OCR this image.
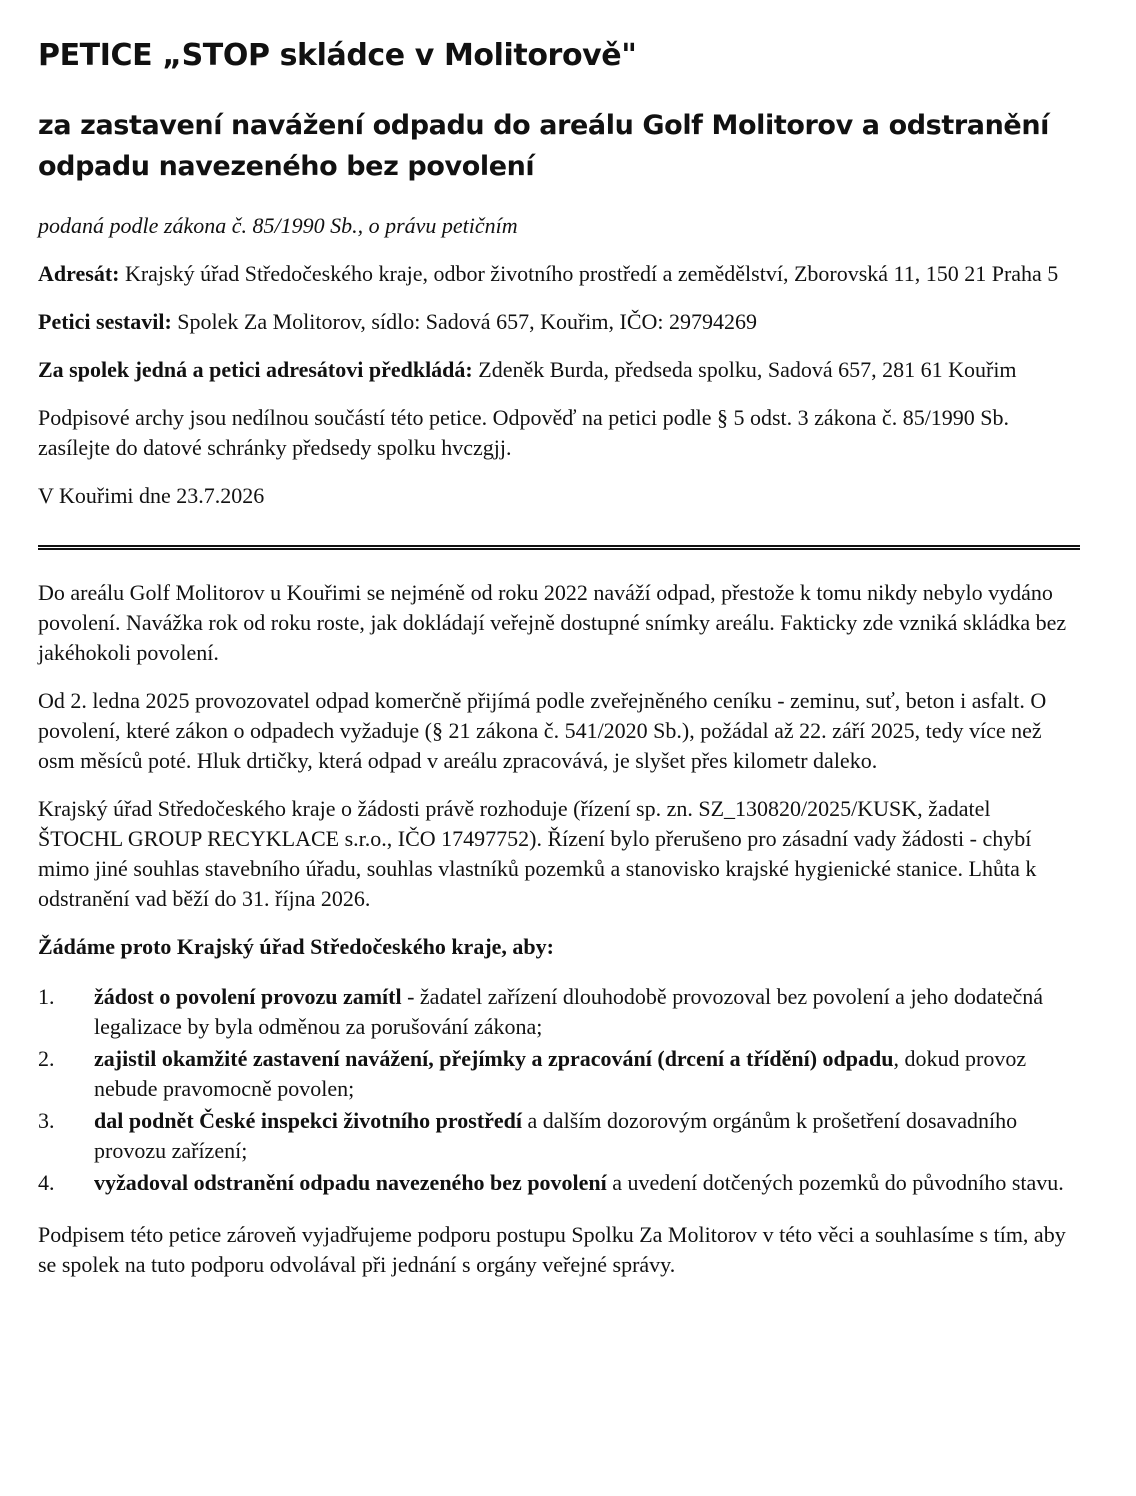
PETICE „STOP skládce v Molitorově"
za zastavení navážení odpadu do areálu Golf Molitorov a odstranění odpadu navezeného bez povolení

podaná podle zákona č. 85/1990 Sb., o právu petičním

Adresát: Krajský úřad Středočeského kraje, odbor životního prostředí a zemědělství, Zborovská 11, 150 21 Praha 5

Petici sestavil: Spolek Za Molitorov, sídlo: Sadová 657, Kouřim, IČO: 29794269

Za spolek jedná a petici adresátovi předkládá: Zdeněk Burda, předseda spolku, Sadová 657, 281 61 Kouřim

Podpisové archy jsou nedílnou součástí této petice. Odpověď na petici podle § 5 odst. 3 zákona č. 85/1990 Sb. zasílejte do datové schránky předsedy spolku hvczgjj.

V Kouřimi dne 23.7.2026

Do areálu Golf Molitorov u Kouřimi se nejméně od roku 2022 naváží odpad, přestože k tomu nikdy nebylo vydáno povolení. Navážka rok od roku roste, jak dokládají veřejně dostupné snímky areálu. Fakticky zde vzniká skládka bez jakéhokoli povolení.

Od 2. ledna 2025 provozovatel odpad komerčně přijímá podle zveřejněného ceníku - zeminu, suť, beton i asfalt. O povolení, které zákon o odpadech vyžaduje (§ 21 zákona č. 541/2020 Sb.), požádal až 22. září 2025, tedy více než osm měsíců poté. Hluk drtičky, která odpad v areálu zpracovává, je slyšet přes kilometr daleko.

Krajský úřad Středočeského kraje o žádosti právě rozhoduje (řízení sp. zn. SZ_130820/2025/KUSK, žadatel ŠTOCHL GROUP RECYKLACE s.r.o., IČO 17497752). Řízení bylo přerušeno pro zásadní vady žádosti - chybí mimo jiné souhlas stavebního úřadu, souhlas vlastníků pozemků a stanovisko krajské hygienické stanice. Lhůta k odstranění vad běží do 31. října 2026.

Žádáme proto Krajský úřad Středočeského kraje, aby:

1.	žádost o povolení provozu zamítl - žadatel zařízení dlouhodobě provozoval bez povolení a jeho dodatečná legalizace by byla odměnou za porušování zákona;
2.	zajistil okamžité zastavení navážení, přejímky a zpracování (drcení a třídění) odpadu, dokud provoz nebude pravomocně povolen;
3.	dal podnět České inspekci životního prostředí a dalším dozorovým orgánům k prošetření dosavadního provozu zařízení;
4.	vyžadoval odstranění odpadu navezeného bez povolení a uvedení dotčených pozemků do původního stavu.

Podpisem této petice zároveň vyjadřujeme podporu postupu Spolku Za Molitorov v této věci a souhlasíme s tím, aby se spolek na tuto podporu odvolával při jednání s orgány veřejné správy.
